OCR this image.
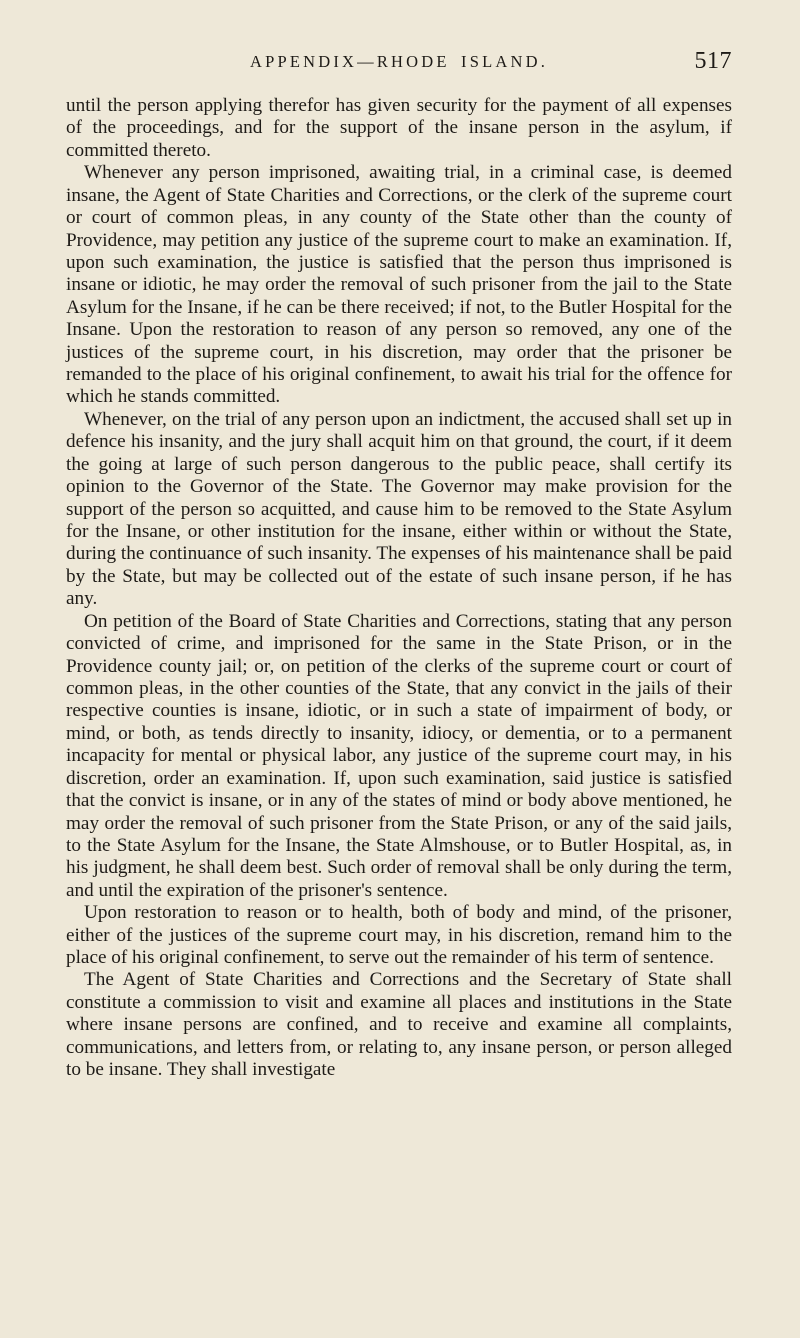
APPENDIX—RHODE ISLAND.	517

until the person applying therefor has given security for the payment of all expenses of the proceedings, and for the support of the insane person in the asylum, if committed thereto.

Whenever any person imprisoned, awaiting trial, in a criminal case, is deemed insane, the Agent of State Charities and Corrections, or the clerk of the supreme court or court of common pleas, in any county of the State other than the county of Providence, may petition any justice of the supreme court to make an examination. If, upon such examination, the justice is satisfied that the person thus imprisoned is insane or idiotic, he may order the removal of such prisoner from the jail to the State Asylum for the Insane, if he can be there received; if not, to the Butler Hospital for the Insane. Upon the restoration to reason of any person so removed, any one of the justices of the supreme court, in his discretion, may order that the prisoner be remanded to the place of his original confinement, to await his trial for the offence for which he stands committed.

Whenever, on the trial of any person upon an indictment, the accused shall set up in defence his insanity, and the jury shall acquit him on that ground, the court, if it deem the going at large of such person dangerous to the public peace, shall certify its opinion to the Governor of the State. The Governor may make provision for the support of the person so acquitted, and cause him to be removed to the State Asylum for the Insane, or other institution for the insane, either within or without the State, during the continuance of such insanity. The expenses of his maintenance shall be paid by the State, but may be collected out of the estate of such insane person, if he has any.

On petition of the Board of State Charities and Corrections, stating that any person convicted of crime, and imprisoned for the same in the State Prison, or in the Providence county jail; or, on petition of the clerks of the supreme court or court of common pleas, in the other counties of the State, that any convict in the jails of their respective counties is insane, idiotic, or in such a state of impairment of body, or mind, or both, as tends directly to insanity, idiocy, or dementia, or to a permanent incapacity for mental or physical labor, any justice of the supreme court may, in his discretion, order an examination. If, upon such examination, said justice is satisfied that the convict is insane, or in any of the states of mind or body above mentioned, he may order the removal of such prisoner from the State Prison, or any of the said jails, to the State Asylum for the Insane, the State Almshouse, or to Butler Hospital, as, in his judgment, he shall deem best. Such order of removal shall be only during the term, and until the expiration of the prisoner's sentence.

Upon restoration to reason or to health, both of body and mind, of the prisoner, either of the justices of the supreme court may, in his discretion, remand him to the place of his original confinement, to serve out the remainder of his term of sentence.

The Agent of State Charities and Corrections and the Secretary of State shall constitute a commission to visit and examine all places and institutions in the State where insane persons are confined, and to receive and examine all complaints, communications, and letters from, or relating to, any insane person, or person alleged to be insane. They shall investigate
